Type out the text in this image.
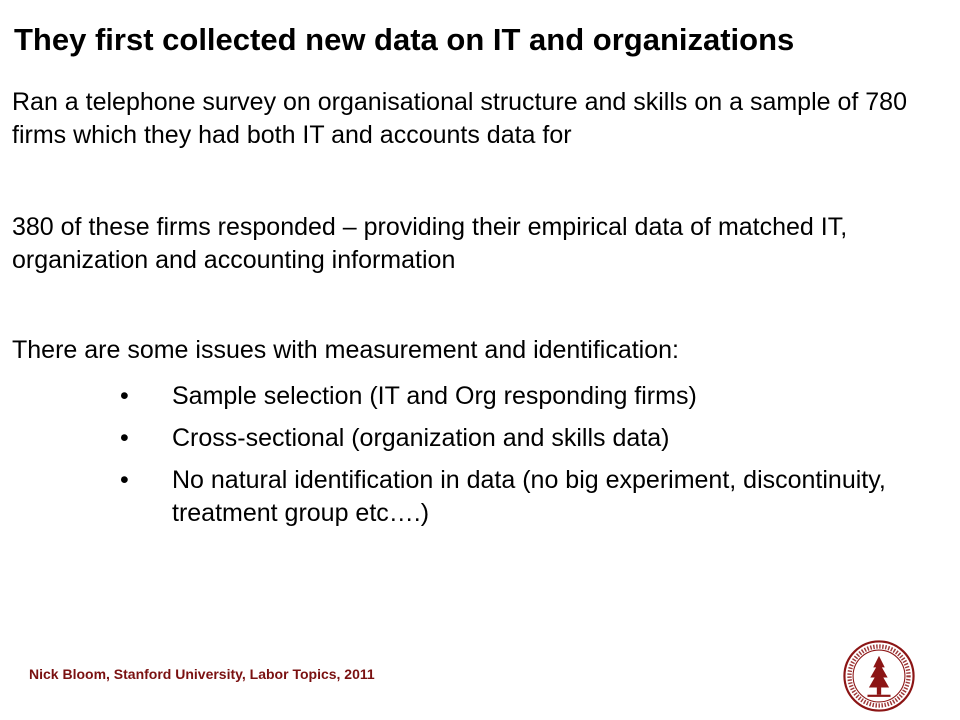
They first collected new data on IT and organizations
Ran a telephone survey on organisational structure and skills on a sample of 780 firms which they had both IT and accounts data for
380 of these firms responded – providing their empirical data of matched IT, organization and accounting information
There are some issues with measurement and identification:
•	Sample selection (IT and Org responding firms)
•	Cross-sectional (organization and skills data)
•	No natural identification in data (no big experiment, discontinuity, treatment group etc….)
Nick Bloom, Stanford University, Labor Topics, 2011
